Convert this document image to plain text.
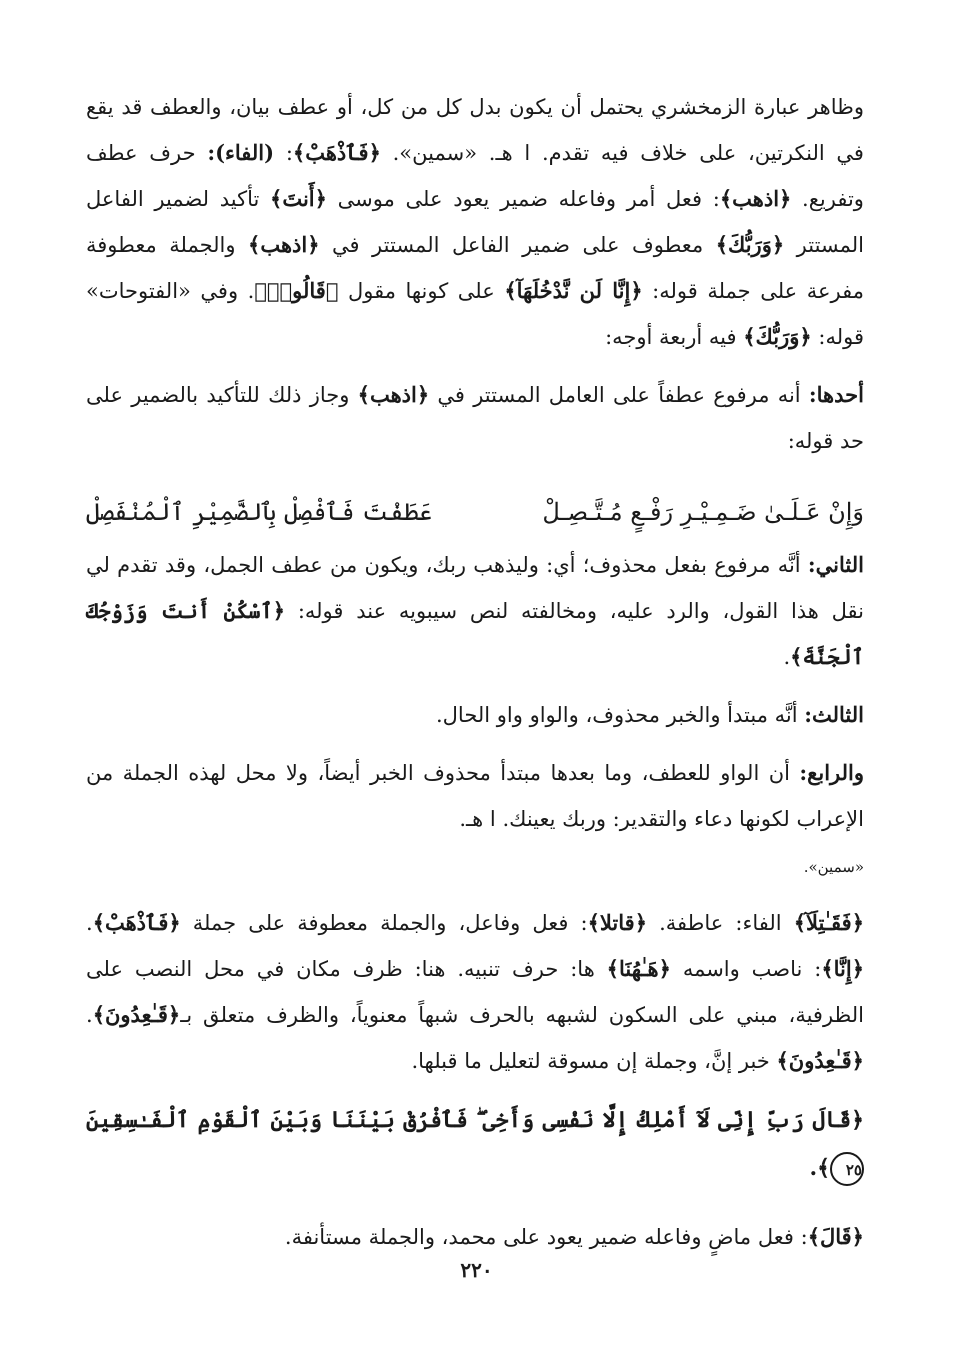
وظاهر عبارة الزمخشري يحتمل أن يكون بدل كل من كل، أو عطف بيان، والعطف قد يقع في النكرتين، على خلاف فيه تقدم. ا هـ. «سمين». ﴿فَٱذْهَبْ﴾: (الفاء): حرف عطف وتفريع. ﴿اذهب﴾: فعل أمر وفاعله ضمير يعود على موسى ﴿أَنتَ﴾ تأكيد لضمير الفاعل المستتر ﴿وَرَبُّكَ﴾ معطوف على ضمير الفاعل المستتر في ﴿اذهب﴾ والجملة معطوفة مفرعة على جملة قوله: ﴿إِنَّا لَن نَّدْخُلَهَآ﴾ على كونها مقول ﴿قَالُوا۟﴾. وفي «الفتوحات» قوله: ﴿وَرَبُّكَ﴾ فيه أربعة أوجه:

أحدها: أنه مرفوع عطفاً على العامل المستتر في ﴿اذهب﴾ وجاز ذلك للتأكيد بالضمير على حد قوله:

وَإِنْ عَـلَـىٰ ضَـمِـيْـرِ رَفْـعٍ مُـتَّـصِـلْ
عَطَفْتَ فَٱفْصِلْ بِٱلضَّمِيْرِ ٱلْمُنْفَصِلْ

الثاني: أنَّه مرفوع بفعل محذوف؛ أي: وليذهب ربك، ويكون من عطف الجمل، وقد تقدم لي نقل هذا القول، والرد عليه، ومخالفته لنص سيبويه عند قوله: ﴿ٱسْكُنْ أَنتَ وَزَوْجُكَ ٱلْجَنَّةَ﴾.

الثالث: أنَّه مبتدأ والخبر محذوف، والواو واو الحال.

والرابع: أن الواو للعطف، وما بعدها مبتدأ محذوف الخبر أيضاً، ولا محل لهذه الجملة من الإعراب لكونها دعاء والتقدير: وربك يعينك. ا هـ.
«سمين».

﴿فَقَـٰتِلَآ﴾ الفاء: عاطفة. ﴿قاتلا﴾: فعل وفاعل، والجملة معطوفة على جملة ﴿فَٱذْهَبْ﴾. ﴿إِنَّا﴾: ناصب واسمه ﴿هَـٰهُنَا﴾ ها: حرف تنبيه. هنا: ظرف مكان في محل النصب على الظرفية، مبني على السكون لشبهه بالحرف شبهاً معنوياً، والظرف متعلق بـ﴿قَـٰعِدُونَ﴾. ﴿قَـٰعِدُونَ﴾ خبر إنَّ، وجملة إن مسوقة لتعليل ما قبلها.

﴿قَالَ رَبِّ إِنِّى لَآ أَمْلِكُ إِلَّا نَفْسِى وَأَخِى ۖ فَٱفْرُقْ بَيْنَنَا وَبَيْنَ ٱلْقَوْمِ ٱلْفَـٰسِقِينَ ٢٥﴾.

﴿قَالَ﴾: فعل ماضٍ وفاعله ضمير يعود على محمد، والجملة مستأنفة.

٢٢٠
